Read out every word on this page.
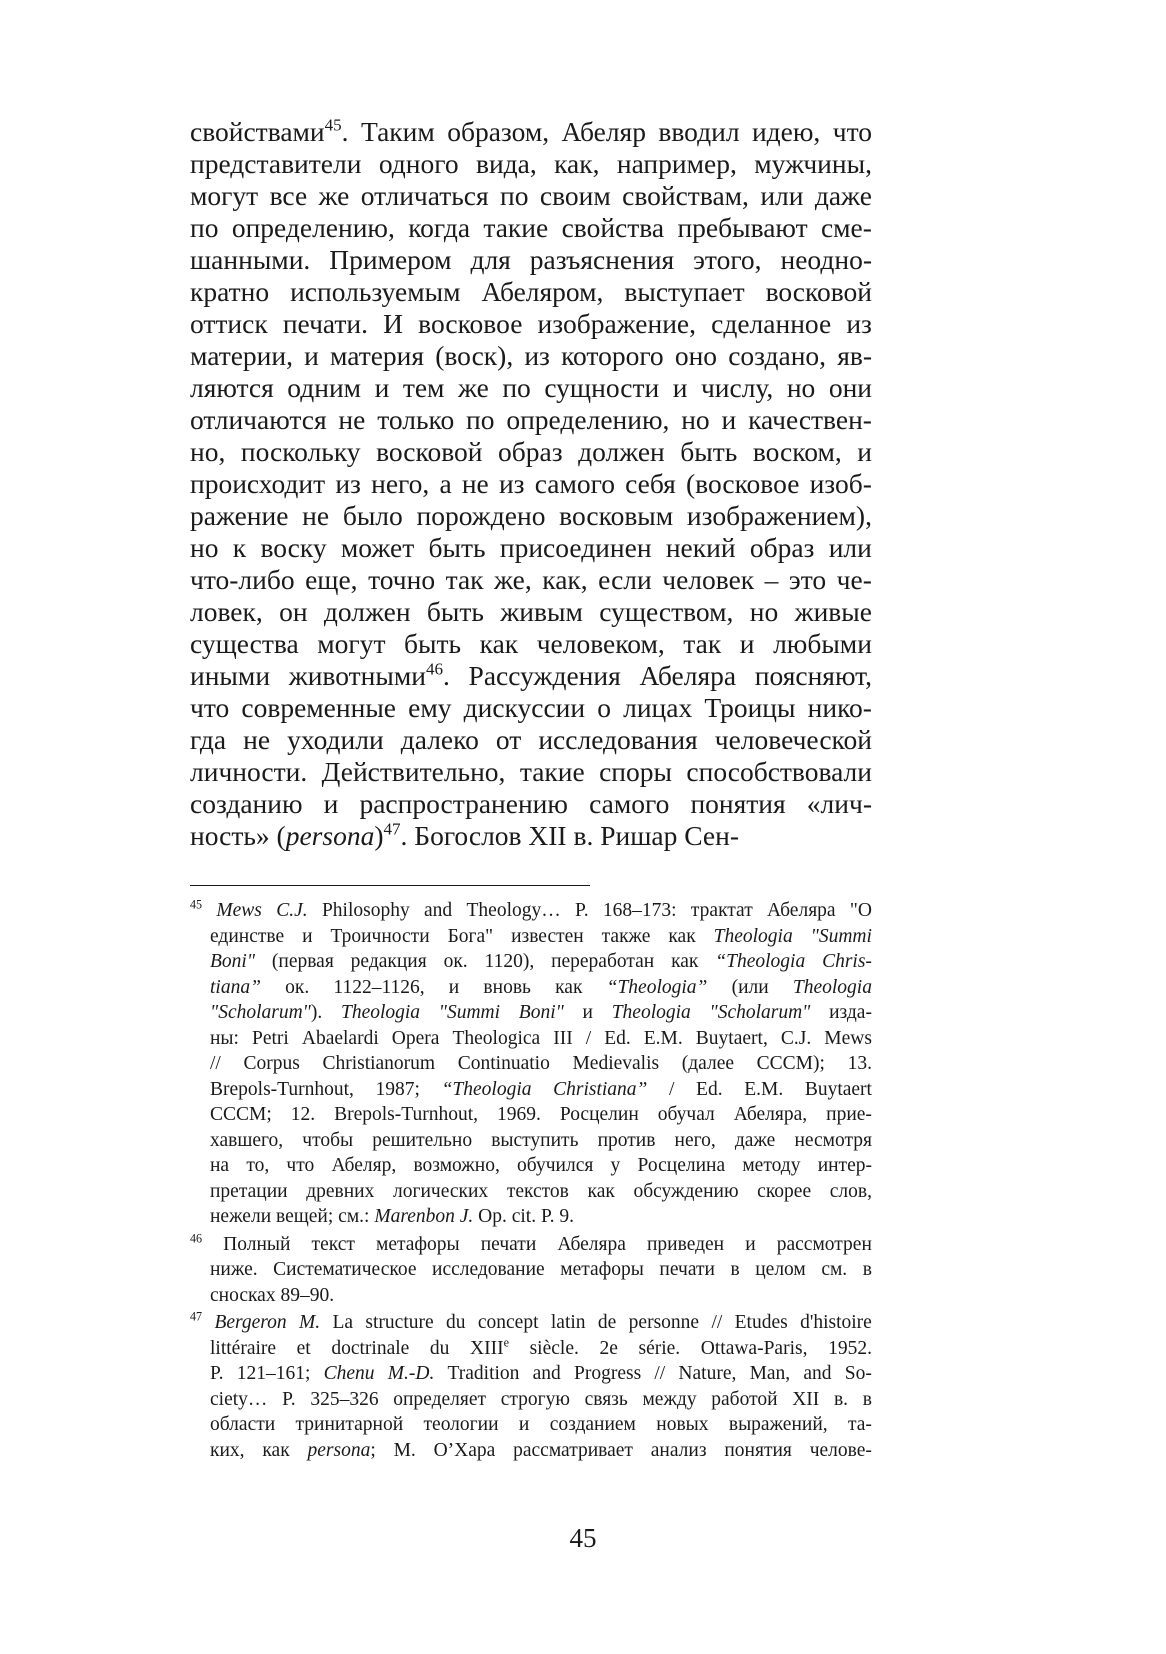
свойствами$^{45}$. Таким образом, Абеляр вводил идею, что
представители одного вида, как, например, мужчины,
могут все же отличаться по своим свойствам, или даже
по определению, когда такие свойства пребывают сме-
шанными. Примером для разъяснения этого, неодно-
кратно используемым Абеляром, выступает восковой
оттиск печати. И восковое изображение, сделанное из
материи, и материя (воск), из которого оно создано, яв-
ляются одним и тем же по сущности и числу, но они
отличаются не только по определению, но и качествен-
но, поскольку восковой образ должен быть воском, и
происходит из него, а не из самого себя (восковое изоб-
ражение не было порождено восковым изображением),
но к воску может быть присоединен некий образ или
что-либо еще, точно так же, как, если человек – это че-
ловек, он должен быть живым существом, но живые
существа могут быть как человеком, так и любыми
иными животными$^{46}$. Рассуждения Абеляра поясняют,
что современные ему дискуссии о лицах Троицы нико-
гда не уходили далеко от исследования человеческой
личности. Действительно, такие споры способствовали
созданию и распространению самого понятия «лич-
ность» (persona)$^{47}$. Богослов XII в. Ришар Сен-
$^{45}$ Mews C.J. Philosophy and Theology… P. 168–173: трактат Абеляра "О
единстве и Троичности Бога" известен также как Theologia "Summi
Boni" (первая редакция ок. 1120), переработан как “Theologia Chris-
tiana” ок. 1122–1126, и вновь как “Theologia” (или Theologia
"Scholarum"). Theologia "Summi Boni" и Theologia "Scholarum" изда-
ны: Petri Abaelardi Opera Theologica III / Ed. E.M. Buytaert, C.J. Mews
// Corpus Christianorum Continuatio Medievalis (далее CCCM); 13.
Brepols-Turnhout, 1987; “Theologia Christiana” / Ed. E.M. Buytaert
CCCM; 12. Brepols-Turnhout, 1969. Росцелин обучал Абеляра, прие-
хавшего, чтобы решительно выступить против него, даже несмотря
на то, что Абеляр, возможно, обучился у Росцелина методу интер-
претации древних логических текстов как обсуждению скорее слов,
нежели вещей; см.: Marenbon J. Op. cit. P. 9.
$^{46}$ Полный текст метафоры печати Абеляра приведен и рассмотрен
ниже. Систематическое исследование метафоры печати в целом см. в
сносках 89–90.
$^{47}$ Bergeron M. La structure du concept latin de personne // Etudes d'histoire
littéraire et doctrinale du XIIIe siècle. 2e série. Ottawa-Paris, 1952.
P. 121–161; Chenu M.-D. Tradition and Progress // Nature, Man, and So-
ciety… P. 325–326 определяет строгую связь между работой XII в. в
области тринитарной теологии и созданием новых выражений, та-
ких, как persona; М. О’Хара рассматривает анализ понятия челове-
45
